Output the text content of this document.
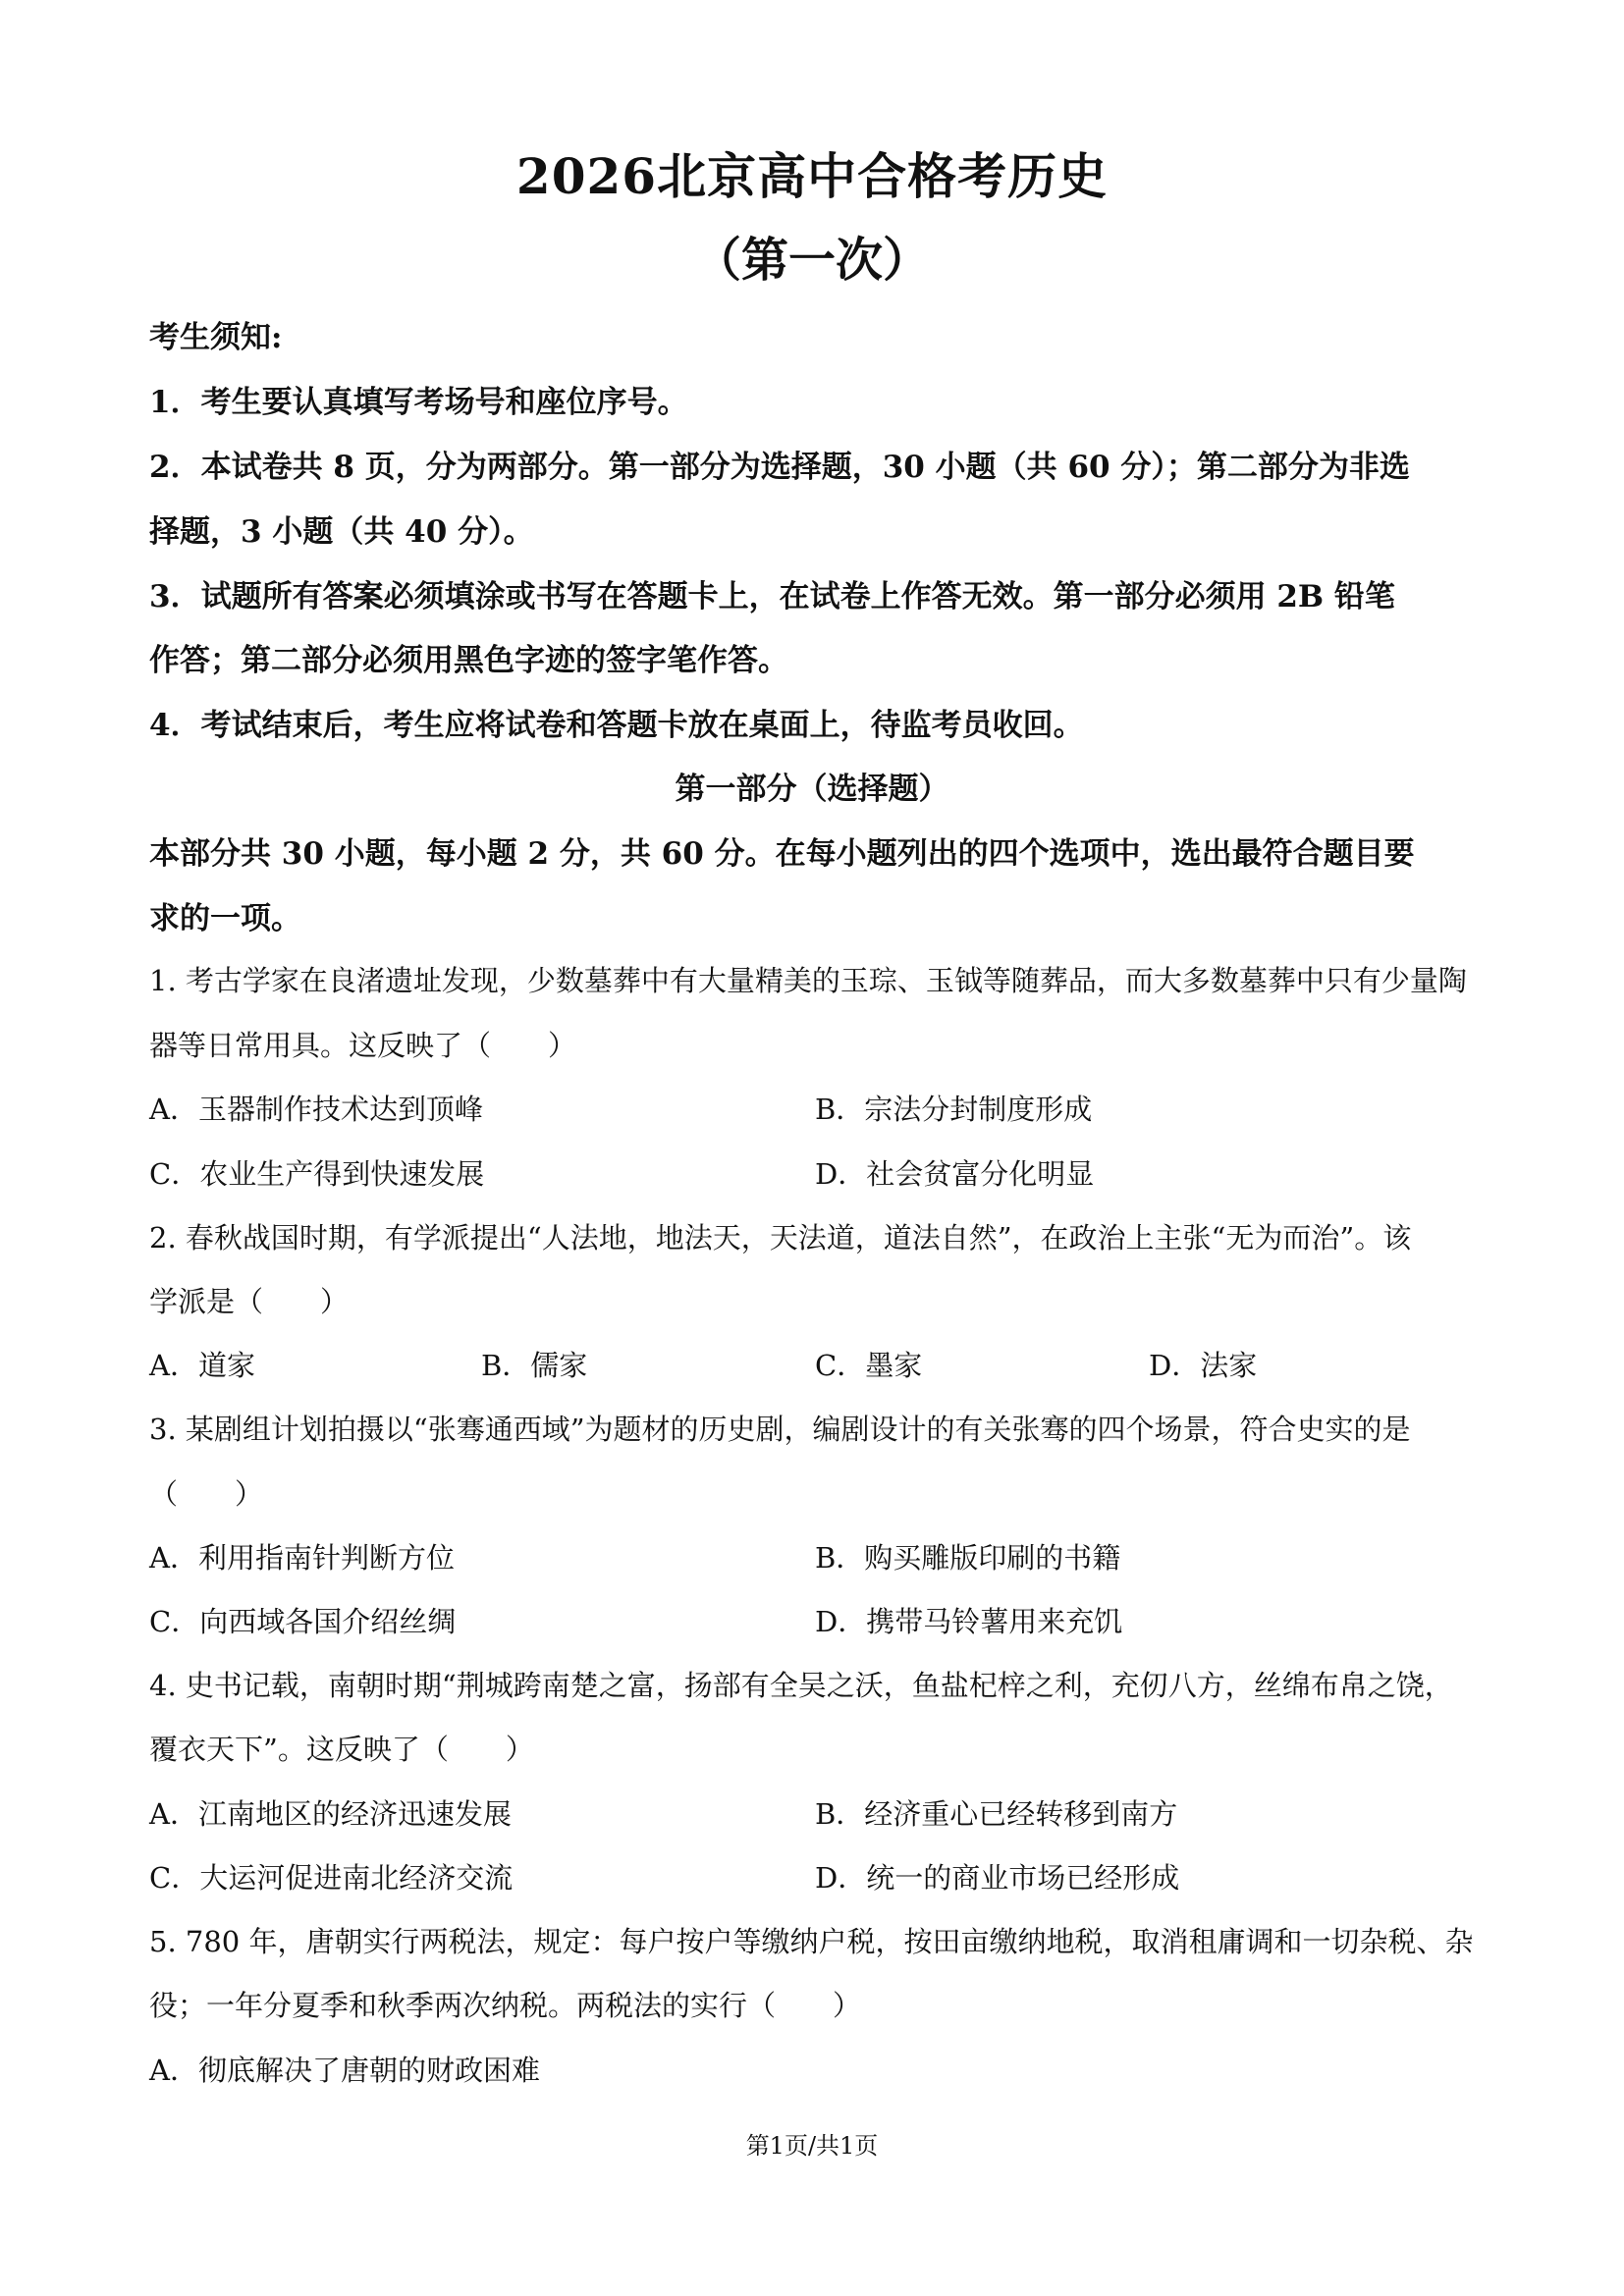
2026北京高中合格考历史
（第一次）
考生须知:
1．考生要认真填写考场号和座位序号。
2．本试卷共 8 页，分为两部分。第一部分为选择题，30 小题（共 60 分）；第二部分为非选
择题，3 小题（共 40 分）。
3．试题所有答案必须填涂或书写在答题卡上，在试卷上作答无效。第一部分必须用 2B 铅笔
作答；第二部分必须用黑色字迹的签字笔作答。
4．考试结束后，考生应将试卷和答题卡放在桌面上，待监考员收回。
第一部分（选择题）
本部分共 30 小题，每小题 2 分，共 60 分。在每小题列出的四个选项中，选出最符合题目要
求的一项。
1. 考古学家在良渚遗址发现，少数墓葬中有大量精美的玉琮、玉钺等随葬品，而大多数墓葬中只有少量陶
器等日常用具。这反映了（　　）
A．玉器制作技术达到顶峰	B．宗法分封制度形成
C．农业生产得到快速发展	D．社会贫富分化明显
2. 春秋战国时期，有学派提出“人法地，地法天，天法道，道法自然”，在政治上主张“无为而治”。该
学派是（　　）
A．道家	B．儒家	C．墨家	D．法家
3. 某剧组计划拍摄以“张骞通西域”为题材的历史剧，编剧设计的有关张骞的四个场景，符合史实的是
（　　）
A．利用指南针判断方位	B．购买雕版印刷的书籍
C．向西域各国介绍丝绸	D．携带马铃薯用来充饥
4. 史书记载，南朝时期“荆城跨南楚之富，扬部有全吴之沃，鱼盐杞梓之利，充仞八方，丝绵布帛之饶，
覆衣天下”。这反映了（　　）
A．江南地区的经济迅速发展	B．经济重心已经转移到南方
C．大运河促进南北经济交流	D．统一的商业市场已经形成
5. 780 年，唐朝实行两税法，规定：每户按户等缴纳户税，按田亩缴纳地税，取消租庸调和一切杂税、杂
役；一年分夏季和秋季两次纳税。两税法的实行（　　）
A．彻底解决了唐朝的财政困难
第1页/共1页
